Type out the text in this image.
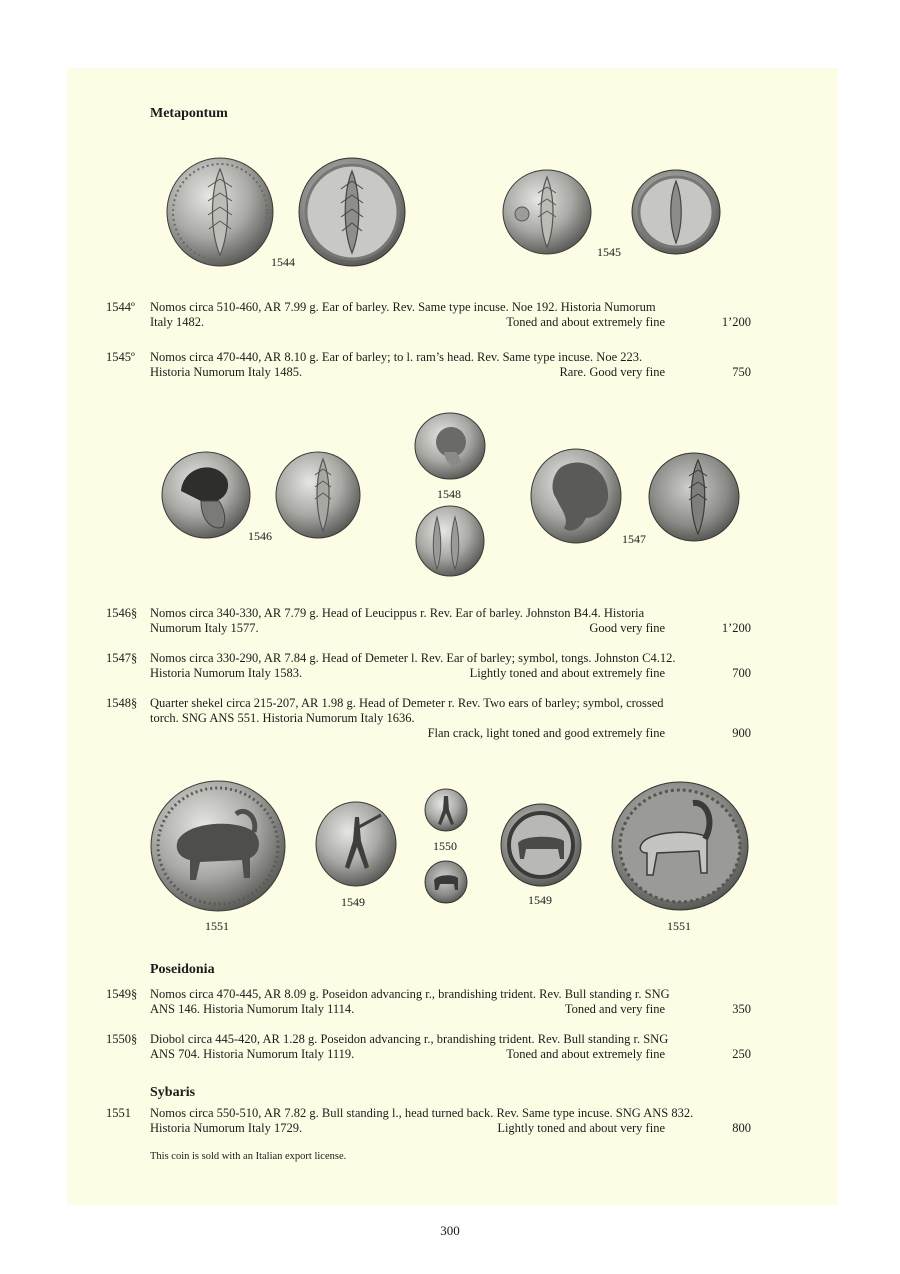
Metapontum
1544
1545
1544º Nomos circa 510-460, AR 7.99 g. Ear of barley. Rev. Same type incuse. Noe 192. Historia Numorum
Italy 1482.	Toned and about extremely fine	1’200
1545º Nomos circa 470-440, AR 8.10 g. Ear of barley; to l. ram’s head. Rev. Same type incuse. Noe 223.
Historia Numorum Italy 1485.	Rare. Good very fine	750
1546
1548
1547
1546§ Nomos circa 340-330, AR 7.79 g. Head of Leucippus r. Rev. Ear of barley. Johnston B4.4. Historia
Numorum Italy 1577.	Good very fine	1’200
1547§ Nomos circa 330-290, AR 7.84 g. Head of Demeter l. Rev. Ear of barley; symbol, tongs. Johnston C4.12.
Historia Numorum Italy 1583.	Lightly toned and about extremely fine	700
1548§ Quarter shekel circa 215-207, AR 1.98 g. Head of Demeter r. Rev. Two ears of barley; symbol, crossed
torch. SNG ANS 551. Historia Numorum Italy 1636.
Flan crack, light toned and good extremely fine	900
1551
1549
1550
1549
1551
Poseidonia
1549§ Nomos circa 470-445, AR 8.09 g. Poseidon advancing r., brandishing trident. Rev. Bull standing r. SNG
ANS 146. Historia Numorum Italy 1114.	Toned and very fine	350
1550§ Diobol circa 445-420, AR 1.28 g. Poseidon advancing r., brandishing trident. Rev. Bull standing r. SNG
ANS 704. Historia Numorum Italy 1119.	Toned and about extremely fine	250
Sybaris
1551 Nomos circa 550-510, AR 7.82 g. Bull standing l., head turned back. Rev. Same type incuse. SNG ANS 832.
Historia Numorum Italy 1729.	Lightly toned and about very fine	800
This coin is sold with an Italian export license.
300
